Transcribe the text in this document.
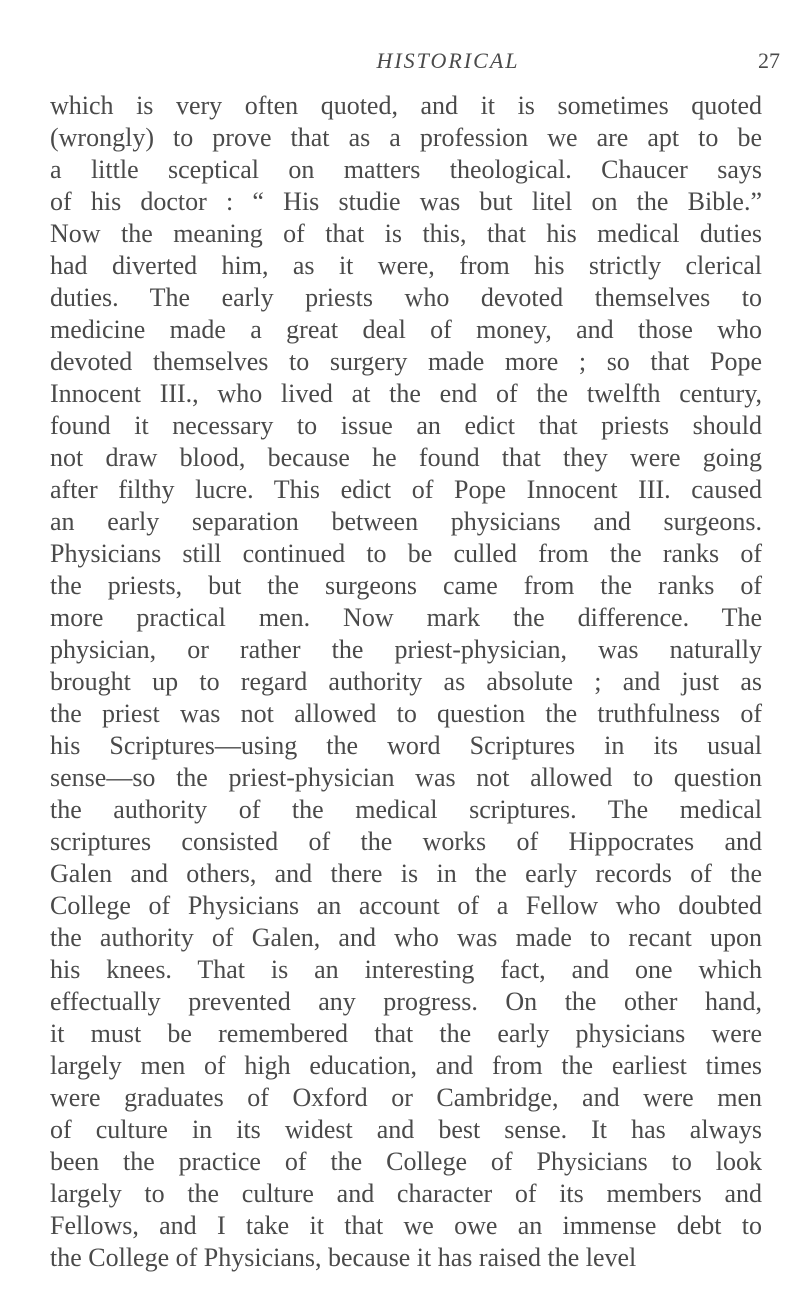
HISTORICAL	27
which is very often quoted, and it is sometimes quoted
(wrongly) to prove that as a profession we are apt to be
a little sceptical on matters theological. Chaucer says
of his doctor : “ His studie was but litel on the Bible.”
Now the meaning of that is this, that his medical duties
had diverted him, as it were, from his strictly clerical
duties. The early priests who devoted themselves to
medicine made a great deal of money, and those who
devoted themselves to surgery made more ; so that Pope
Innocent III., who lived at the end of the twelfth century,
found it necessary to issue an edict that priests should
not draw blood, because he found that they were going
after filthy lucre. This edict of Pope Innocent III. caused
an early separation between physicians and surgeons.
Physicians still continued to be culled from the ranks of
the priests, but the surgeons came from the ranks of
more practical men. Now mark the difference. The
physician, or rather the priest-physician, was naturally
brought up to regard authority as absolute ; and just as
the priest was not allowed to question the truthfulness of
his Scriptures—using the word Scriptures in its usual
sense—so the priest-physician was not allowed to question
the authority of the medical scriptures. The medical
scriptures consisted of the works of Hippocrates and
Galen and others, and there is in the early records of the
College of Physicians an account of a Fellow who doubted
the authority of Galen, and who was made to recant upon
his knees. That is an interesting fact, and one which
effectually prevented any progress. On the other hand,
it must be remembered that the early physicians were
largely men of high education, and from the earliest times
were graduates of Oxford or Cambridge, and were men
of culture in its widest and best sense. It has always
been the practice of the College of Physicians to look
largely to the culture and character of its members and
Fellows, and I take it that we owe an immense debt to
the College of Physicians, because it has raised the level
